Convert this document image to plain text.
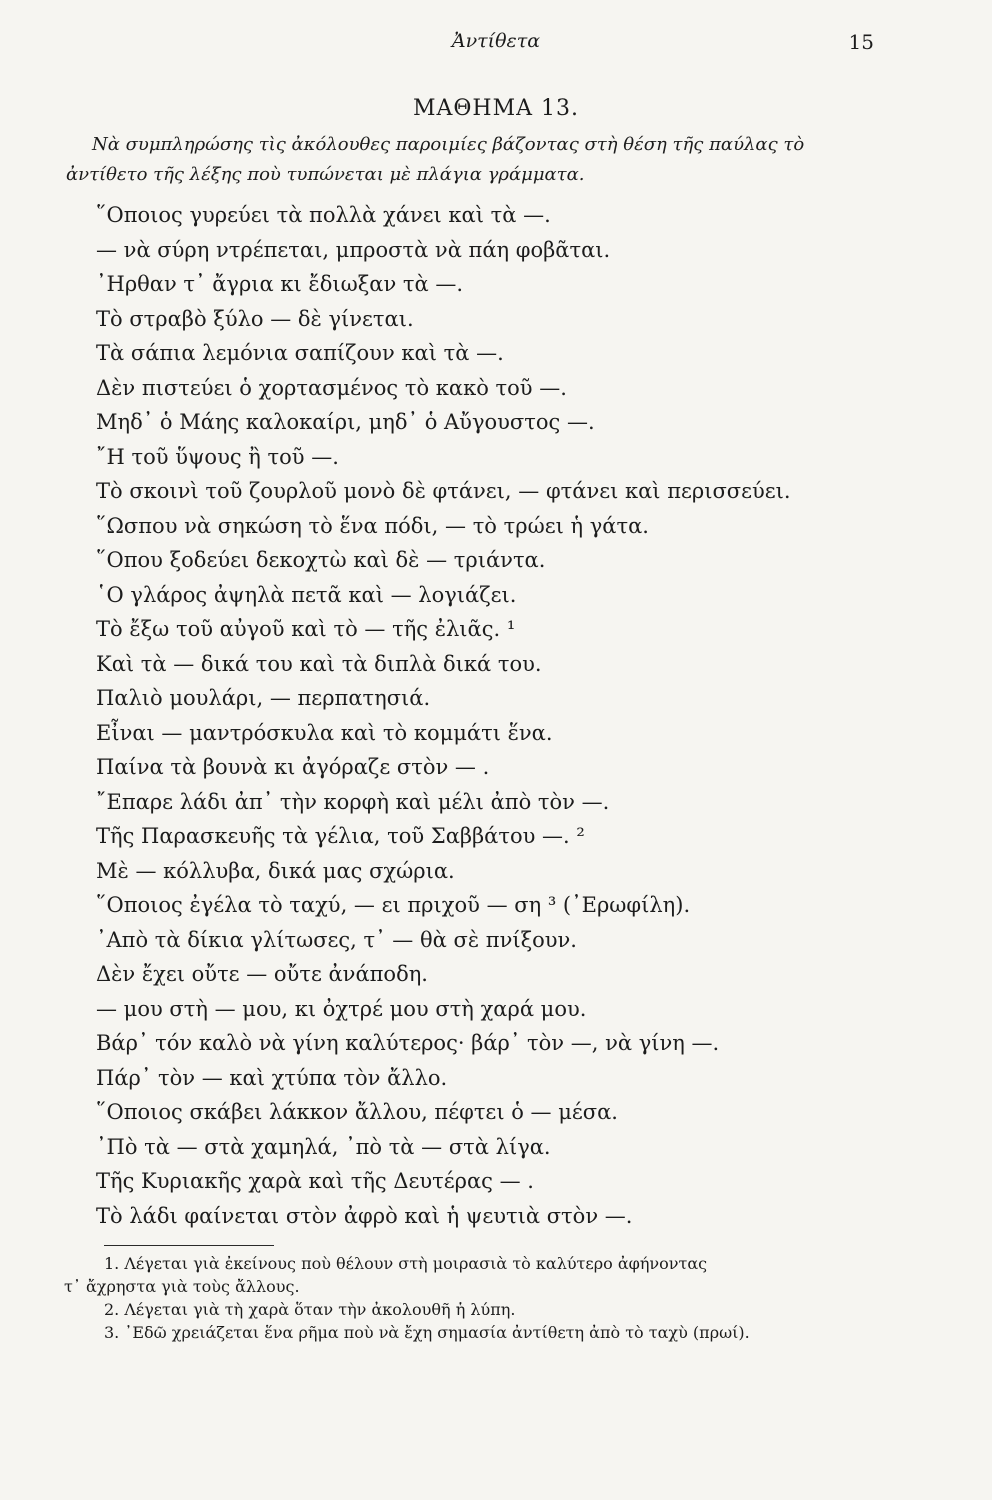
Ἀντίθετα	15
ΜΑΘΗΜΑ 13.
Νὰ συμπληρώσης τὶς ἀκόλουθες παροιμίες βάζοντας στὴ θέση τῆς παύλας τὸ ἀντίθετο τῆς λέξης ποὺ τυπώνεται μὲ πλάγια γράμματα.
῞Οποιος γυρεύει τὰ πολλὰ χάνει καὶ τὰ —.
— νὰ σύρη ντρέπεται, μπροστὰ νὰ πάη φοβᾶται.
᾿Ηρθαν τ᾿ ἄγρια κι ἔδιωξαν τὰ —.
Τὸ στραβὸ ξύλο — δὲ γίνεται.
Τὰ σάπια λεμόνια σαπίζουν καὶ τὰ —.
Δὲν πιστεύει ὁ χορτασμένος τὸ κακὸ τοῦ —.
Μηδ᾿ ὁ Μάης καλοκαίρι, μηδ᾿ ὁ Αὔγουστος —.
῎Η τοῦ ὕψους ἢ τοῦ —.
Τὸ σκοινὶ τοῦ ζουρλοῦ μονὸ δὲ φτάνει, — φτάνει καὶ περισσεύει.
῞Ωσπου νὰ σηκώση τὸ ἕνα πόδι, — τὸ τρώει ἡ γάτα.
῞Οπου ξοδεύει δεκοχτὼ καὶ δὲ — τριάντα.
῾Ο γλάρος ἀψηλὰ πετᾶ καὶ — λογιάζει.
Τὸ ἔξω τοῦ αὐγοῦ καὶ τὸ — τῆς ἐλιᾶς. ¹
Καὶ τὰ — δικά του καὶ τὰ διπλὰ δικά του.
Παλιὸ μουλάρι, — περπατησιά.
Εἶναι — μαντρόσκυλα καὶ τὸ κομμάτι ἕνα.
Παίνα τὰ βουνὰ κι ἀγόραζε στὸν — .
῎Επαρε λάδι ἀπ᾿ τὴν κορφὴ καὶ μέλι ἀπὸ τὸν —.
Τῆς Παρασκευῆς τὰ γέλια, τοῦ Σαββάτου —. ²
Μὲ — κόλλυβα, δικά μας σχώρια.
῞Οποιος ἐγέλα τὸ ταχύ, — ει πριχοῦ — ση ³ (᾿Ερωφίλη).
᾿Απὸ τὰ δίκια γλίτωσες, τ᾿ — θὰ σὲ πνίξουν.
Δὲν ἔχει οὔτε — οὔτε ἀνάποδη.
— μου στὴ — μου, κι ὀχτρέ μου στὴ χαρά μου.
Βάρ᾿ τόν καλὸ νὰ γίνη καλύτερος· βάρ᾿ τὸν —, νὰ γίνη —.
Πάρ᾿ τὸν — καὶ χτύπα τὸν ἄλλο.
῞Οποιος σκάβει λάκκον ἄλλου, πέφτει ὁ — μέσα.
᾿Πὸ τὰ — στὰ χαμηλά, ᾿πὸ τὰ — στὰ λίγα.
Τῆς Κυριακῆς χαρὰ καὶ τῆς Δευτέρας — .
Τὸ λάδι φαίνεται στὸν ἀφρὸ καὶ ἡ ψευτιὰ στὸν —.
1. Λέγεται γιὰ ἐκείνους ποὺ θέλουν στὴ μοιρασιὰ τὸ καλύτερο ἀφήνοντας
τ᾿ ἄχρηστα γιὰ τοὺς ἄλλους.
2. Λέγεται γιὰ τὴ χαρὰ ὅταν τὴν ἀκολουθῆ ἡ λύπη.
3. ᾿Εδῶ χρειάζεται ἕνα ρῆμα ποὺ νὰ ἔχη σημασία ἀντίθετη ἀπὸ τὸ ταχὺ (πρωί).
